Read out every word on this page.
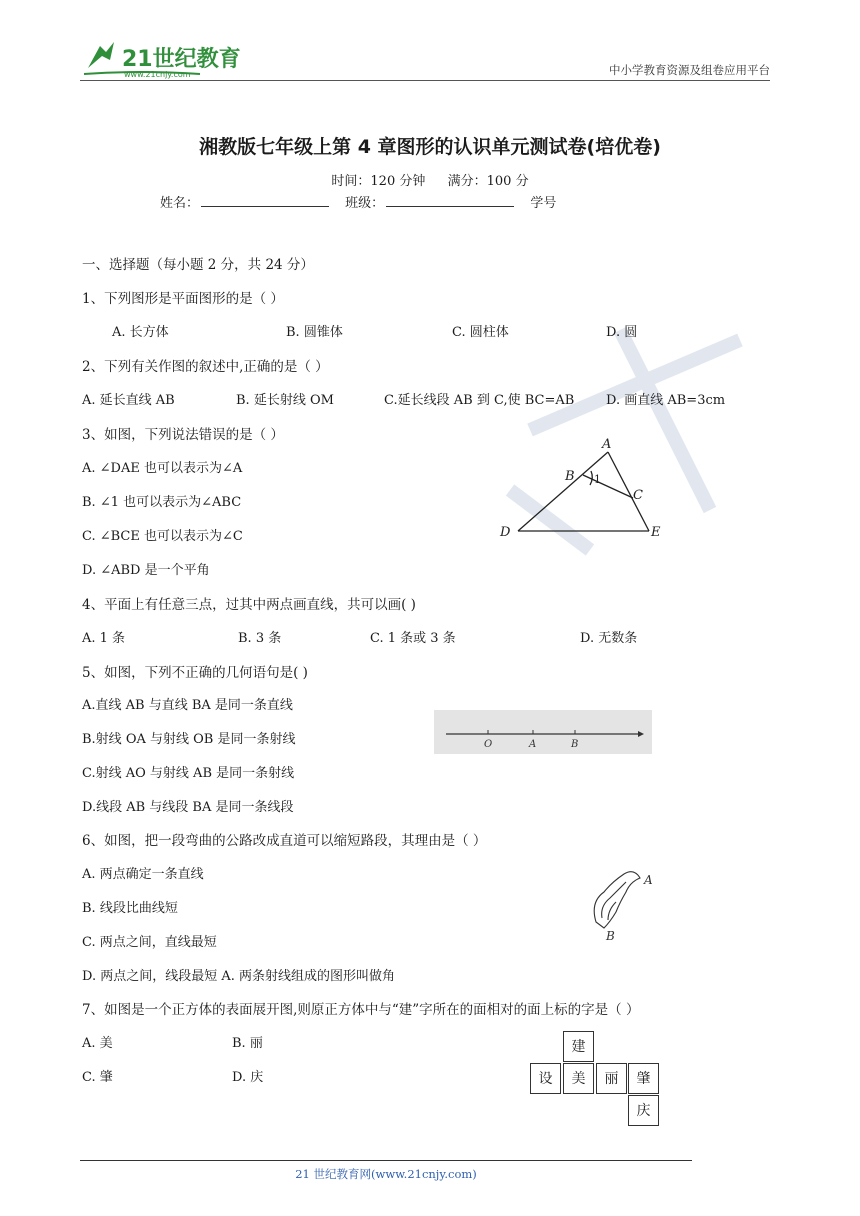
21世纪教育
www.21cnjy.com	中小学教育资源及组卷应用平台
湘教版七年级上第 4 章图形的认识单元测试卷(培优卷)
时间：120 分钟 满分：100 分
姓名：	班级：	学号
一、选择题（每小题 2 分，共 24 分）
1、下列图形是平面图形的是（ ）
A. 长方体	B. 圆锥体	C. 圆柱体	D. 圆
2、下列有关作图的叙述中,正确的是（ ）
A. 延长直线 AB	B. 延长射线 OM	C.延长线段 AB 到 C,使 BC=AB D. 画直线 AB=3cm
3、如图，下列说法错误的是（ ）
A. ∠DAE 也可以表示为∠A
B. ∠1 也可以表示为∠ABC
C. ∠BCE 也可以表示为∠C
D. ∠ABD 是一个平角
A
B
C
D	E
1
4、平面上有任意三点，过其中两点画直线，共可以画( )
A. 1 条	B. 3 条	C. 1 条或 3 条	D. 无数条
5、如图，下列不正确的几何语句是( )
A.直线 AB 与直线 BA 是同一条直线
B.射线 OA 与射线 OB 是同一条射线
C.射线 AO 与射线 AB 是同一条射线
D.线段 AB 与线段 BA 是同一条线段
O	A	B
6、如图，把一段弯曲的公路改成直道可以缩短路段，其理由是（ ）
A. 两点确定一条直线
B. 线段比曲线短
C. 两点之间，直线最短
D. 两点之间，线段最短 A. 两条射线组成的图形叫做角
A
B
7、如图是一个正方体的表面展开图,则原正方体中与“建”字所在的面相对的面上标的字是（ ）
A. 美	B. 丽
C. 肇	D. 庆
建
设	美	丽	肇
庆
21 世纪教育网(www.21cnjy.com)
